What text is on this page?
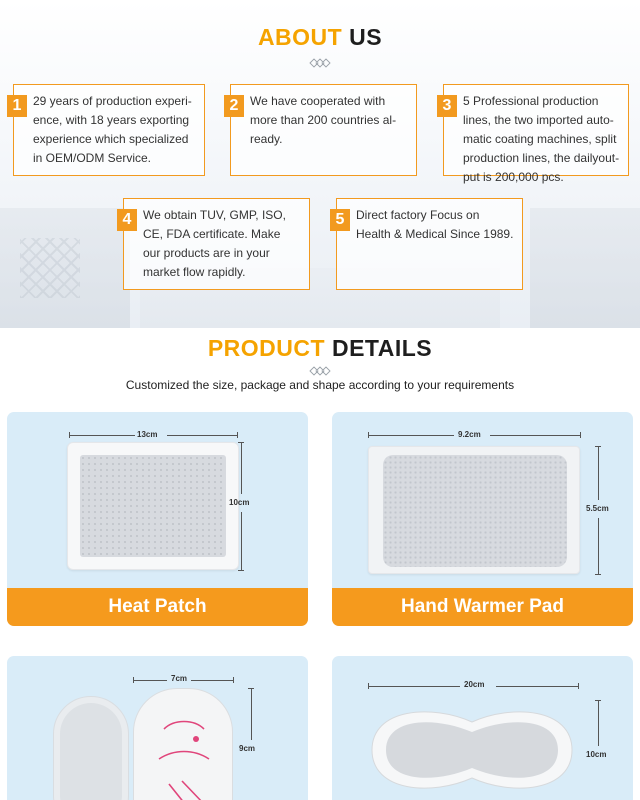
ABOUT US
1 29 years of production experi-ence, with 18 years exporting experience which specialized in OEM/ODM Service.
2 We have cooperated with more than 200 countries al-ready.
3 5 Professional production lines, the two imported auto-matic coating machines, split production lines, the dailyout-put is 200,000 pcs.
4 We obtain TUV, GMP, ISO, CE, FDA certificate. Make our products are in your market flow rapidly.
5 Direct factory Focus on Health & Medical Since 1989.
PRODUCT DETAILS

Customized the size, package and shape according to your requirements

13cm
10cm
Heat Patch
9.2cm
5.5cm
Hand Warmer Pad
7cm
9cm
20cm
10cm
